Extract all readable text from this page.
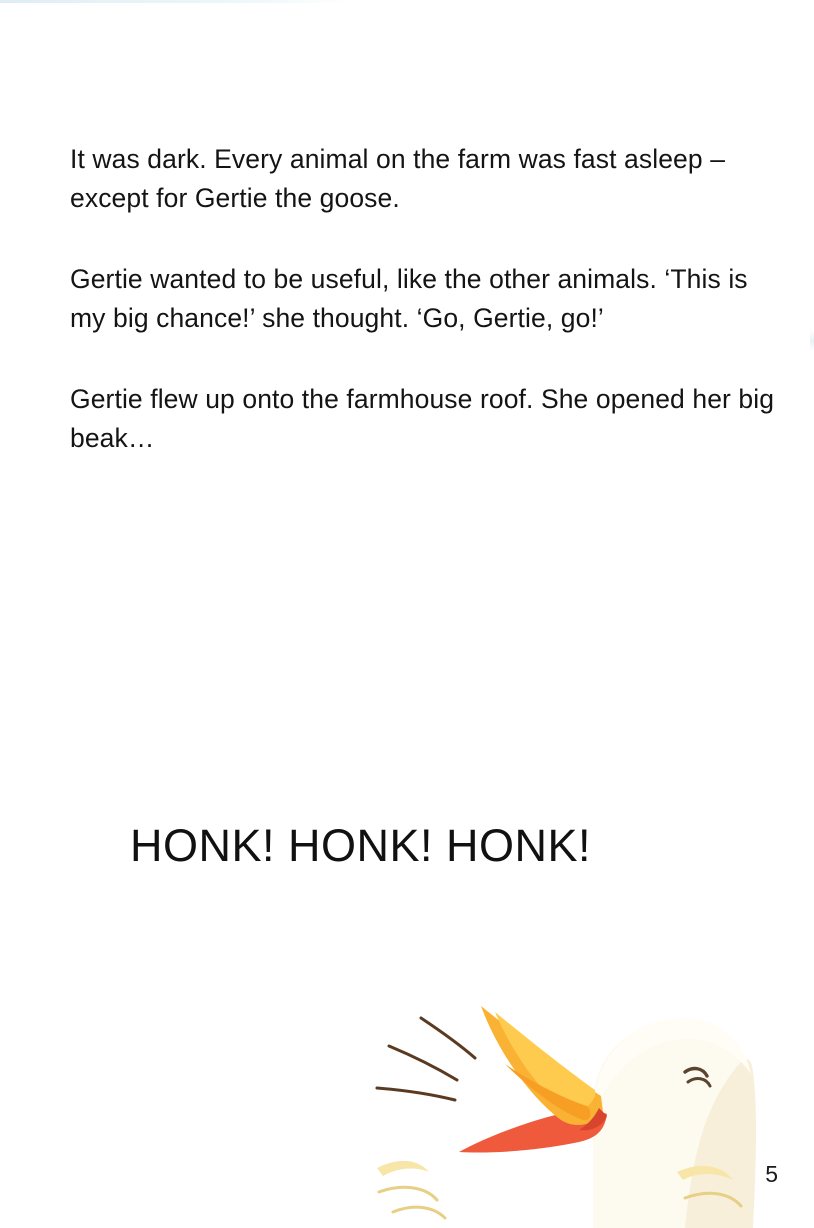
It was dark. Every animal on the farm was fast asleep – except for Gertie the goose.

Gertie wanted to be useful, like the other animals. ‘This is my big chance!’ she thought. ‘Go, Gertie, go!’

Gertie flew up onto the farmhouse roof. She opened her big beak…

HONK! HONK! HONK!
5
